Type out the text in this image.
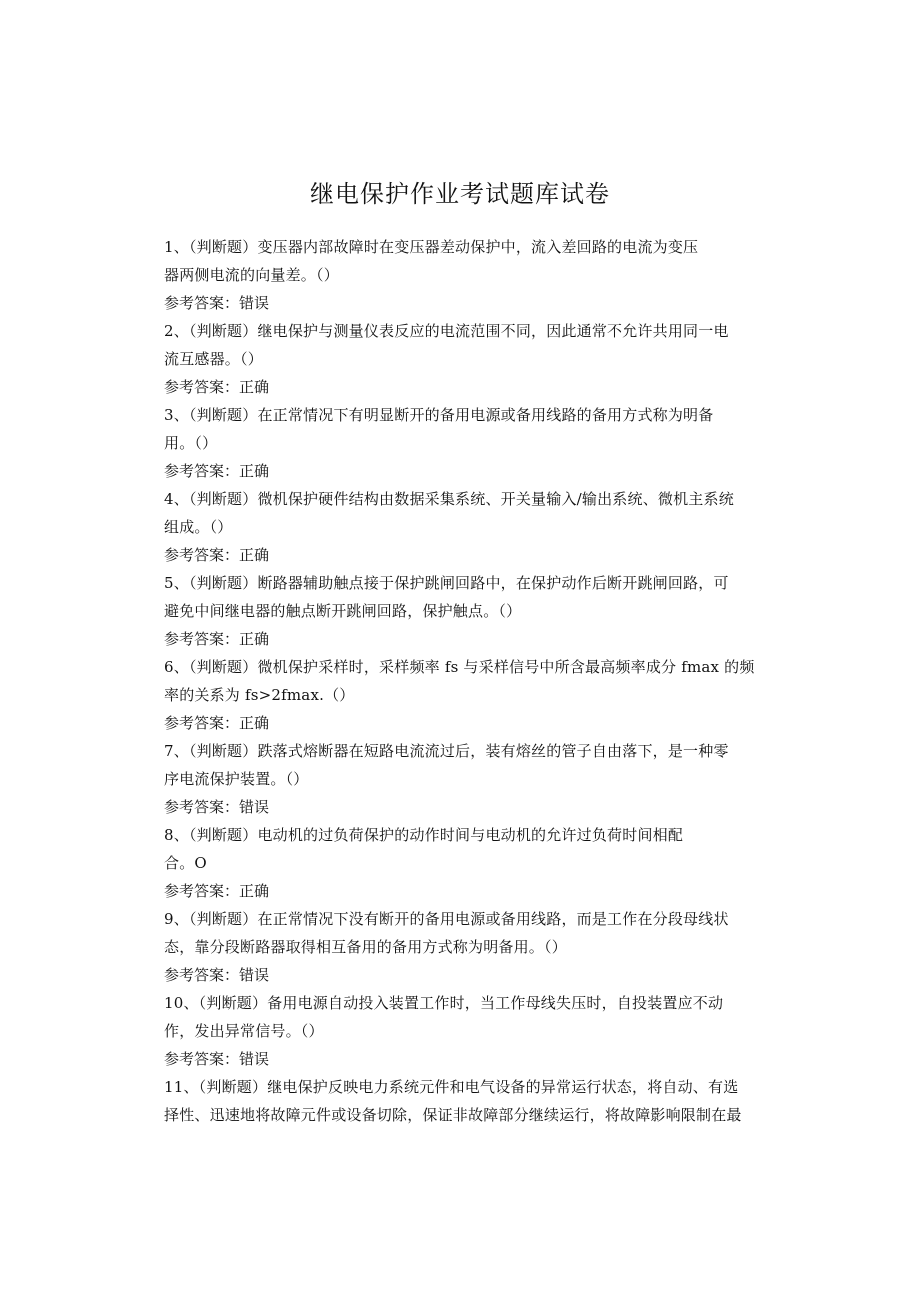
继电保护作业考试题库试卷
1、（判断题）变压器内部故障时在变压器差动保护中，流入差回路的电流为变压
器两侧电流的向量差。（）
参考答案：错误
2、（判断题）继电保护与测量仪表反应的电流范围不同，因此通常不允许共用同一电
流互感器。（）
参考答案：正确
3、（判断题）在正常情况下有明显断开的备用电源或备用线路的备用方式称为明备
用。（）
参考答案：正确
4、（判断题）微机保护硬件结构由数据采集系统、开关量输入/输出系统、微机主系统
组成。（）
参考答案：正确
5、（判断题）断路器辅助触点接于保护跳闸回路中，在保护动作后断开跳闸回路，可
避免中间继电器的触点断开跳闸回路，保护触点。（）
参考答案：正确
6、（判断题）微机保护采样时，采样频率 fs 与采样信号中所含最高频率成分 fmax 的频
率的关系为 fs>2fmax.（）
参考答案：正确
7、（判断题）跌落式熔断器在短路电流流过后，装有熔丝的管子自由落下，是一种零
序电流保护装置。（）
参考答案：错误
8、（判断题）电动机的过负荷保护的动作时间与电动机的允许过负荷时间相配
合。O
参考答案：正确
9、（判断题）在正常情况下没有断开的备用电源或备用线路，而是工作在分段母线状
态，靠分段断路器取得相互备用的备用方式称为明备用。（）
参考答案：错误
10、（判断题）备用电源自动投入装置工作时，当工作母线失压时，自投装置应不动
作，发出异常信号。（）
参考答案：错误
11、（判断题）继电保护反映电力系统元件和电气设备的异常运行状态，将自动、有选
择性、迅速地将故障元件或设备切除，保证非故障部分继续运行，将故障影响限制在最
